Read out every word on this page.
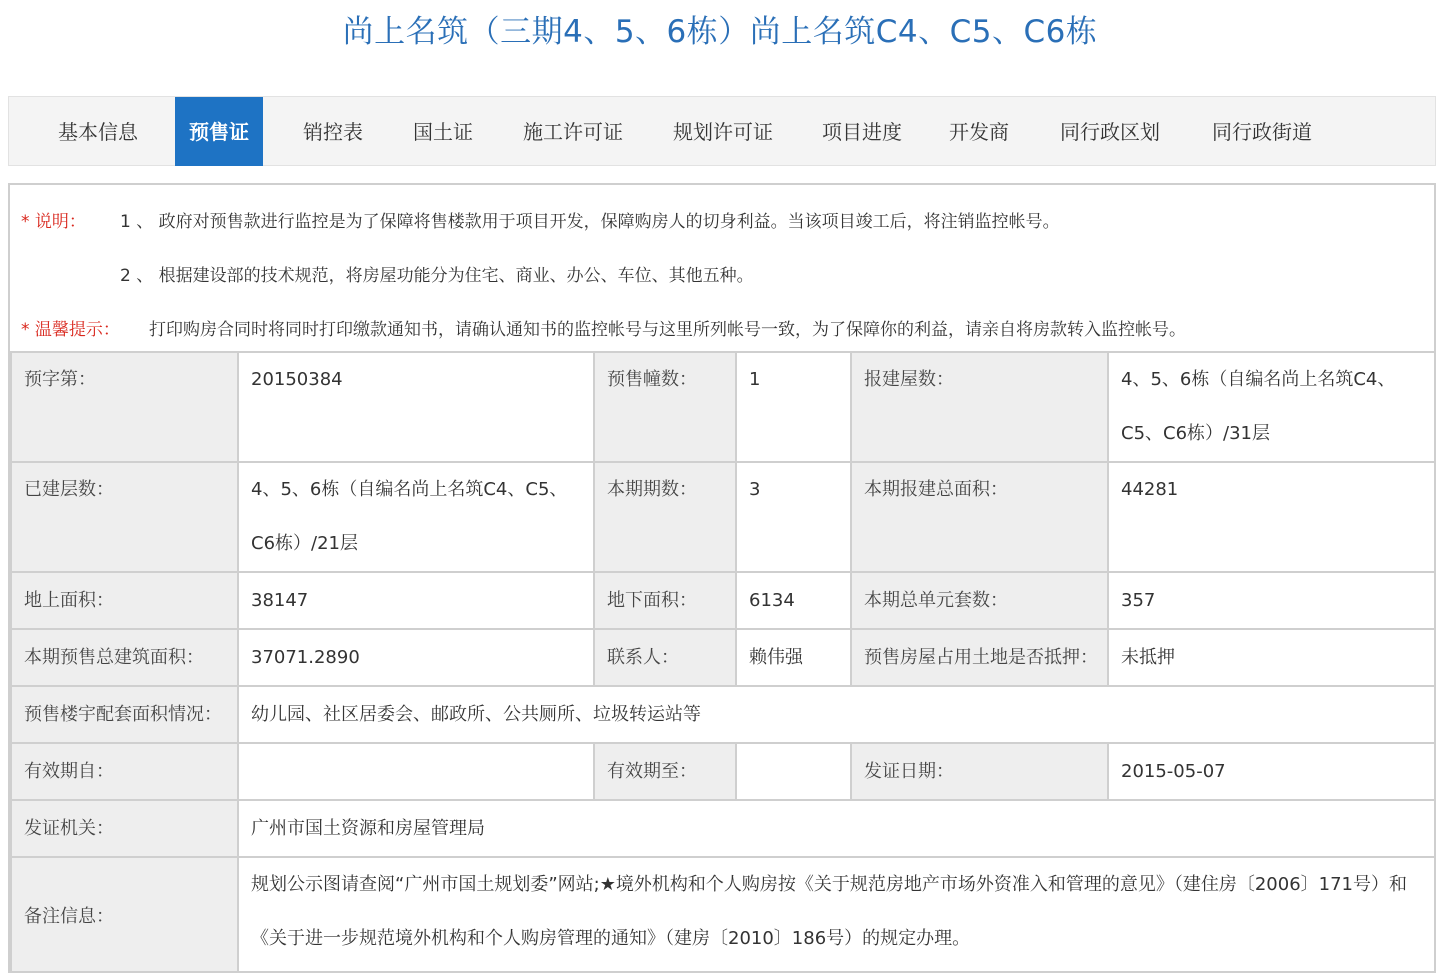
尚上名筑（三期4、5、6栋）尚上名筑C4、C5、C6栋
基本信息	预售证	销控表	国土证	施工许可证	规划许可证	项目进度	开发商	同行政区划	同行政街道
* 说明： 1 、 政府对预售款进行监控是为了保障将售楼款用于项目开发，保障购房人的切身利益。当该项目竣工后，将注销监控帐号。
2 、 根据建设部的技术规范，将房屋功能分为住宅、商业、办公、车位、其他五种。
* 温馨提示： 打印购房合同时将同时打印缴款通知书，请确认通知书的监控帐号与这里所列帐号一致，为了保障你的利益，请亲自将房款转入监控帐号。
预字第：	20150384	预售幢数：	1	报建屋数：	4、5、6栋（自编名尚上名筑C4、C5、C6栋）/31层

已建层数：	4、5、6栋（自编名尚上名筑C4、C5、C6栋）/21层	本期期数：	3	本期报建总面积：	44281

地上面积：	38147	地下面积：	6134	本期总单元套数：	357

本期预售总建筑面积：	37071.2890	联系人：	赖伟强	预售房屋占用土地是否抵押：	未抵押

预售楼宇配套面积情况：	幼儿园、社区居委会、邮政所、公共厕所、垃圾转运站等				

有效期自：		有效期至：		发证日期：	2015-05-07

发证机关：	广州市国土资源和房屋管理局				

备注信息：	规划公示图请查阅“广州市国土规划委”网站;★境外机构和个人购房按《关于规范房地产市场外资准入和管理的意见》（建住房〔2006〕171号）和《关于进一步规范境外机构和个人购房管理的通知》（建房〔2010〕186号）的规定办理。				
